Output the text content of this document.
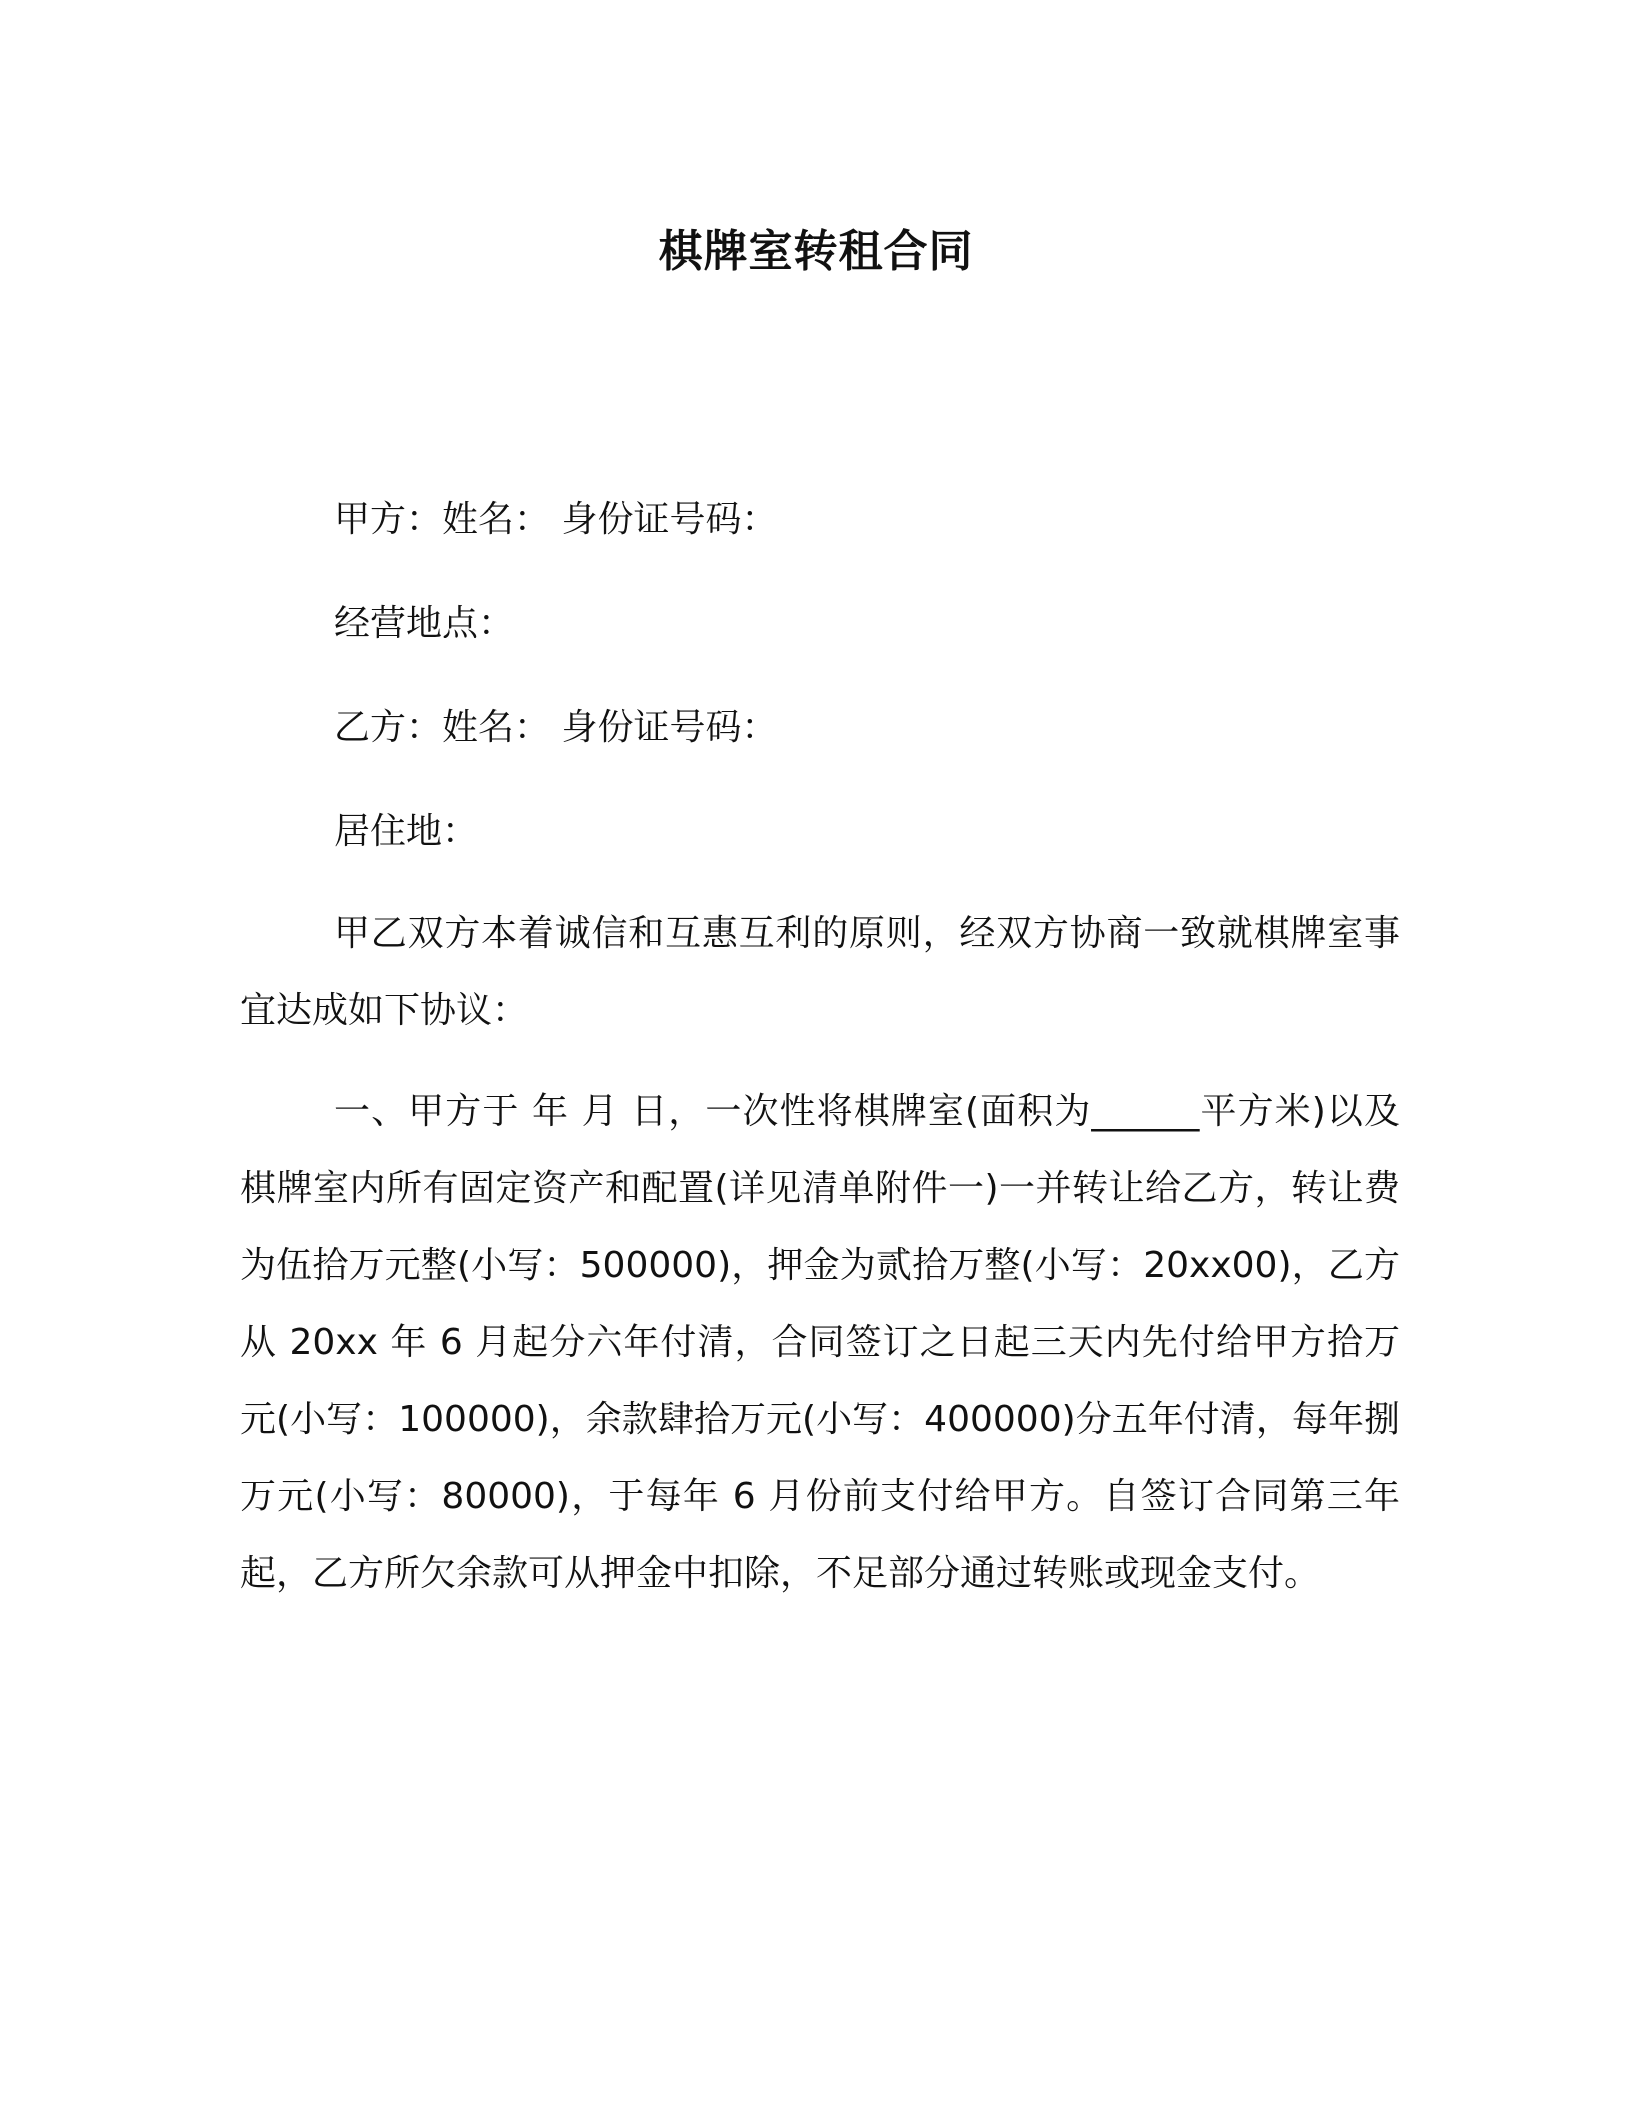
棋牌室转租合同

甲方：姓名： 身份证号码：

经营地点：

乙方：姓名： 身份证号码：

居住地：

甲乙双方本着诚信和互惠互利的原则，经双方协商一致就棋牌室事宜达成如下协议：

一、甲方于 年 月 日，一次性将棋牌室(面积为______平方米)以及棋牌室内所有固定资产和配置(详见清单附件一)一并转让给乙方，转让费为伍拾万元整(小写：500000)，押金为贰拾万整(小写：20xx00)，乙方从 20xx 年 6 月起分六年付清，合同签订之日起三天内先付给甲方拾万元(小写：100000)，余款肆拾万元(小写：400000)分五年付清，每年捌万元(小写：80000)，于每年 6 月份前支付给甲方。自签订合同第三年起，乙方所欠余款可从押金中扣除，不足部分通过转账或现金支付。
